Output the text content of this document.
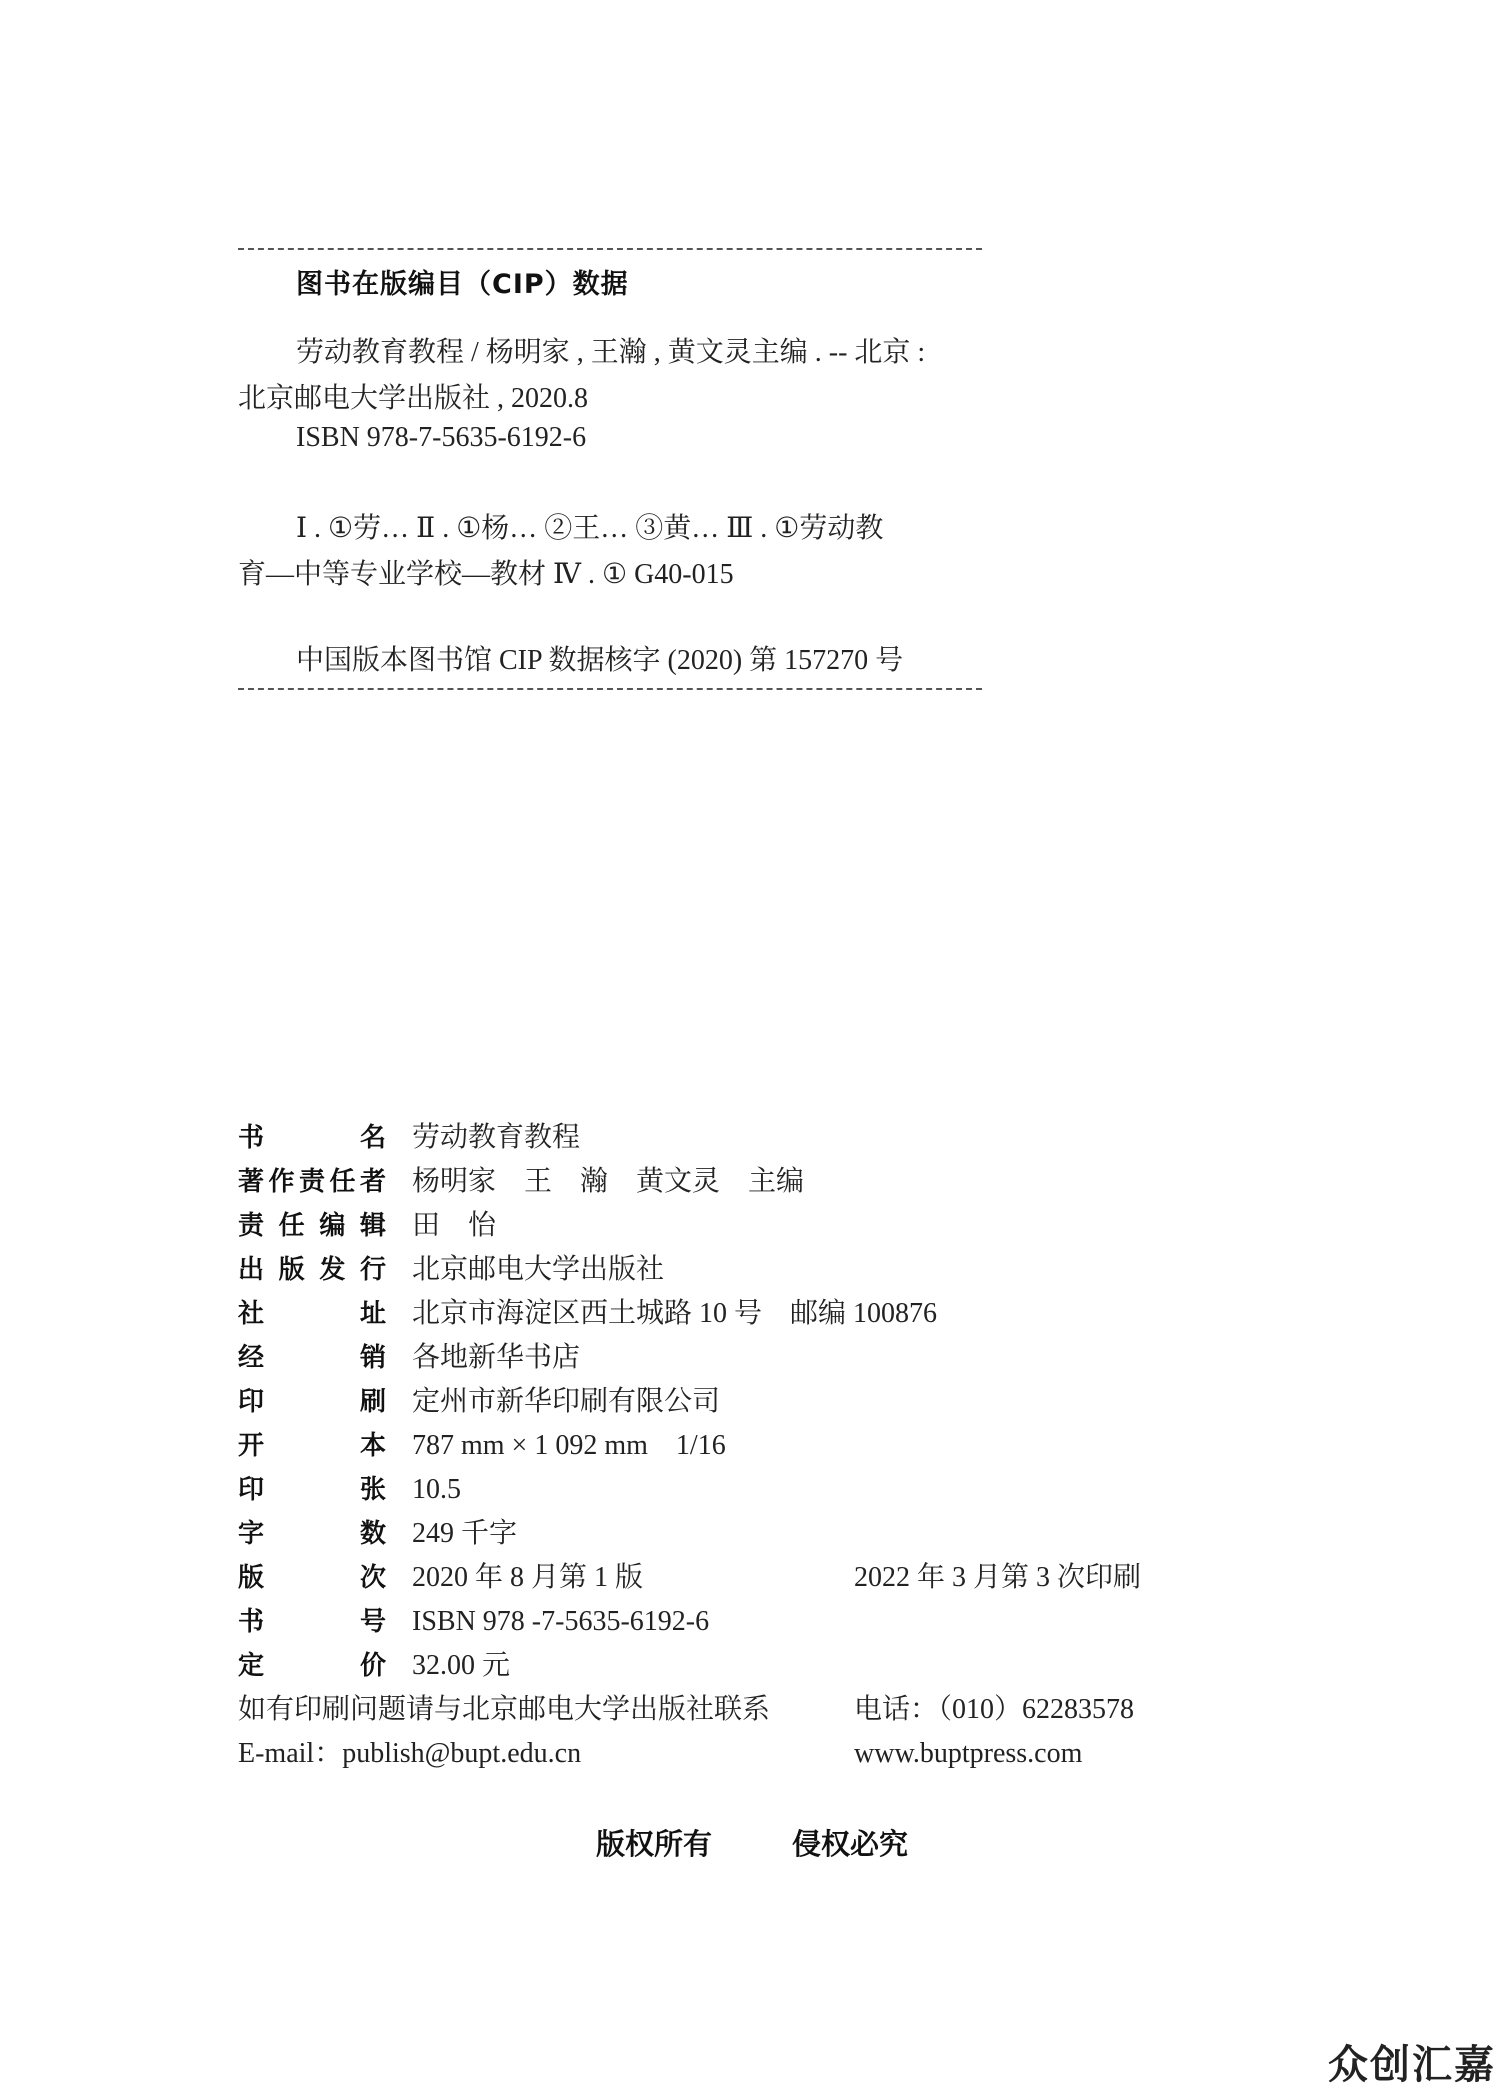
图书在版编目（CIP）数据
劳动教育教程 / 杨明家 , 王瀚 , 黄文灵主编 . -- 北京 :
北京邮电大学出版社 , 2020.8
ISBN 978-7-5635-6192-6
Ⅰ . ①劳… Ⅱ . ①杨… ②王… ③黄… Ⅲ . ①劳动教
育—中等专业学校—教材 Ⅳ . ① G40-015
中国版本图书馆 CIP 数据核字 (2020) 第 157270 号
书	名 劳动教育教程
著 作 责 任 者 杨明家　王　瀚　黄文灵　主编
责 任 编 辑 田　怡
出 版 发 行 北京邮电大学出版社
社	址 北京市海淀区西土城路 10 号　邮编 100876
经	销 各地新华书店
印	刷 定州市新华印刷有限公司
开	本 787 mm × 1 092 mm　1/16
印	张 10.5
字	数 249 千字
版	次 2020 年 8 月第 1 版	2022 年 3 月第 3 次印刷
书	号 ISBN 978 -7-5635-6192-6
定	价 32.00 元
如有印刷问题请与北京邮电大学出版社联系	电话：（010）62283578
E-mail：publish@bupt.edu.cn	www.buptpress.com
版权所有	侵权必究
众创汇嘉
